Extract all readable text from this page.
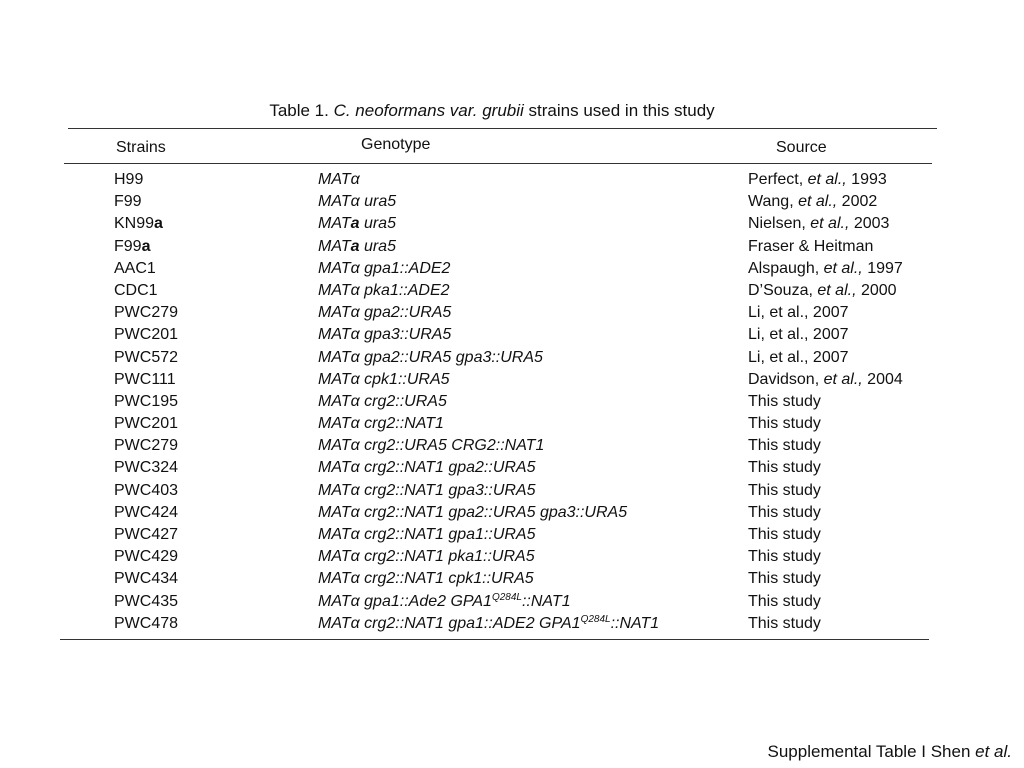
Table 1. C. neoformans var. grubii strains used in this study
Strains	Genotype	Source
H99	MATα	Perfect, et al., 1993
F99	MATα ura5	Wang, et al., 2002
KN99a	MATa ura5	Nielsen, et al., 2003
F99a	MATa ura5	Fraser & Heitman
AAC1	MATα gpa1::ADE2	Alspaugh, et al., 1997
CDC1	MATα pka1::ADE2	D’Souza, et al., 2000
PWC279	MATα gpa2::URA5	Li, et al., 2007
PWC201	MATα gpa3::URA5	Li, et al., 2007
PWC572	MATα gpa2::URA5 gpa3::URA5	Li, et al., 2007
PWC111	MATα cpk1::URA5	Davidson, et al., 2004
PWC195	MATα crg2::URA5	This study
PWC201	MATα crg2::NAT1	This study
PWC279	MATα crg2::URA5 CRG2::NAT1	This study
PWC324	MATα crg2::NAT1 gpa2::URA5	This study
PWC403	MATα crg2::NAT1 gpa3::URA5	This study
PWC424	MATα crg2::NAT1 gpa2::URA5 gpa3::URA5	This study
PWC427	MATα crg2::NAT1 gpa1::URA5	This study
PWC429	MATα crg2::NAT1 pka1::URA5	This study
PWC434	MATα crg2::NAT1 cpk1::URA5	This study
PWC435	MATα gpa1::Ade2 $GPA1^{Q284L}::NAT1$	This study
PWC478	MATα crg2::NAT1 gpa1::ADE2 $GPA1^{Q284L}::NAT1$	This study
Supplemental Table I Shen et al.
